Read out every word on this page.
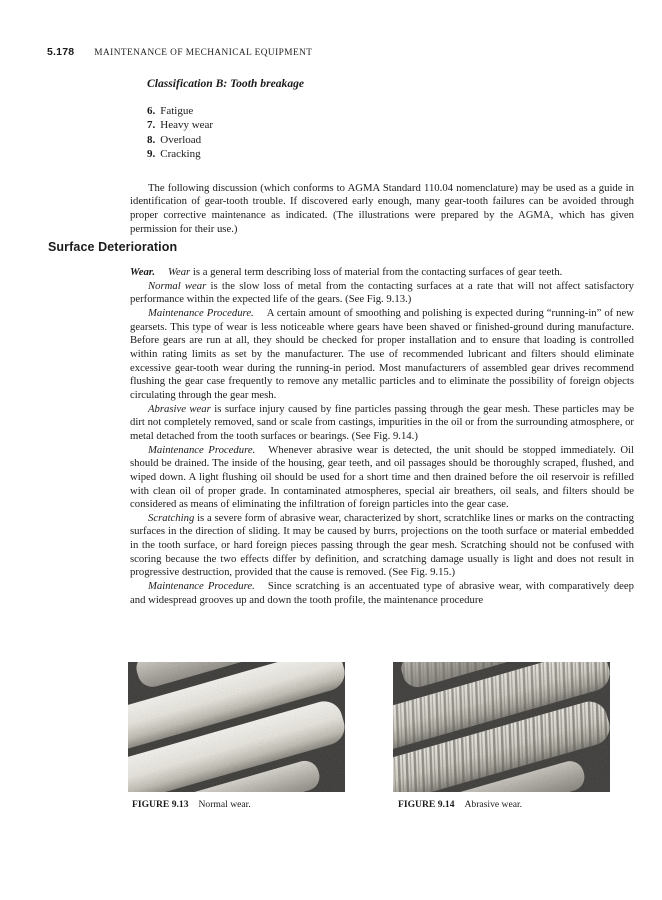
5.178 MAINTENANCE OF MECHANICAL EQUIPMENT
Classification B: Tooth breakage
6. Fatigue
7. Heavy wear
8. Overload
9. Cracking

The following discussion (which conforms to AGMA Standard 110.04 nomenclature) may be used as a guide in identification of gear-tooth trouble. If discovered early enough, many gear-tooth failures can be avoided through proper corrective maintenance as indicated. (The illustrations were prepared by the AGMA, which has given permission for their use.)

Surface Deterioration

Wear. Wear is a general term describing loss of material from the contacting surfaces of gear teeth.

Normal wear is the slow loss of metal from the contacting surfaces at a rate that will not affect satisfactory performance within the expected life of the gears. (See Fig. 9.13.)

Maintenance Procedure. A certain amount of smoothing and polishing is expected during “running-in” of new gearsets. This type of wear is less noticeable where gears have been shaved or finished-ground during manufacture. Before gears are run at all, they should be checked for proper installation and to ensure that loading is controlled within rating limits as set by the manufacturer. The use of recommended lubricant and filters should eliminate excessive gear-tooth wear during the running-in period. Most manufacturers of assembled gear drives recommend flushing the gear case frequently to remove any metallic particles and to eliminate the possibility of foreign objects circulating through the gear mesh.

Abrasive wear is surface injury caused by fine particles passing through the gear mesh. These particles may be dirt not completely removed, sand or scale from castings, impurities in the oil or from the surrounding atmosphere, or metal detached from the tooth surfaces or bearings. (See Fig. 9.14.)

Maintenance Procedure. Whenever abrasive wear is detected, the unit should be stopped immediately. Oil should be drained. The inside of the housing, gear teeth, and oil passages should be thoroughly scraped, flushed, and wiped down. A light flushing oil should be used for a short time and then drained before the oil reservoir is refilled with clean oil of proper grade. In contaminated atmospheres, special air breathers, oil seals, and filters should be considered as means of eliminating the infiltration of foreign particles into the gear case.

Scratching is a severe form of abrasive wear, characterized by short, scratchlike lines or marks on the contracting surfaces in the direction of sliding. It may be caused by burrs, projections on the tooth surface or material embedded in the tooth surface, or hard foreign pieces passing through the gear mesh. Scratching should not be confused with scoring because the two effects differ by definition, and scratching damage usually is light and does not result in progressive destruction, provided that the cause is removed. (See Fig. 9.15.)

Maintenance Procedure. Since scratching is an accentuated type of abrasive wear, with comparatively deep and widespread grooves up and down the tooth profile, the maintenance procedure

FIGURE 9.13 Normal wear.	FIGURE 9.14 Abrasive wear.
